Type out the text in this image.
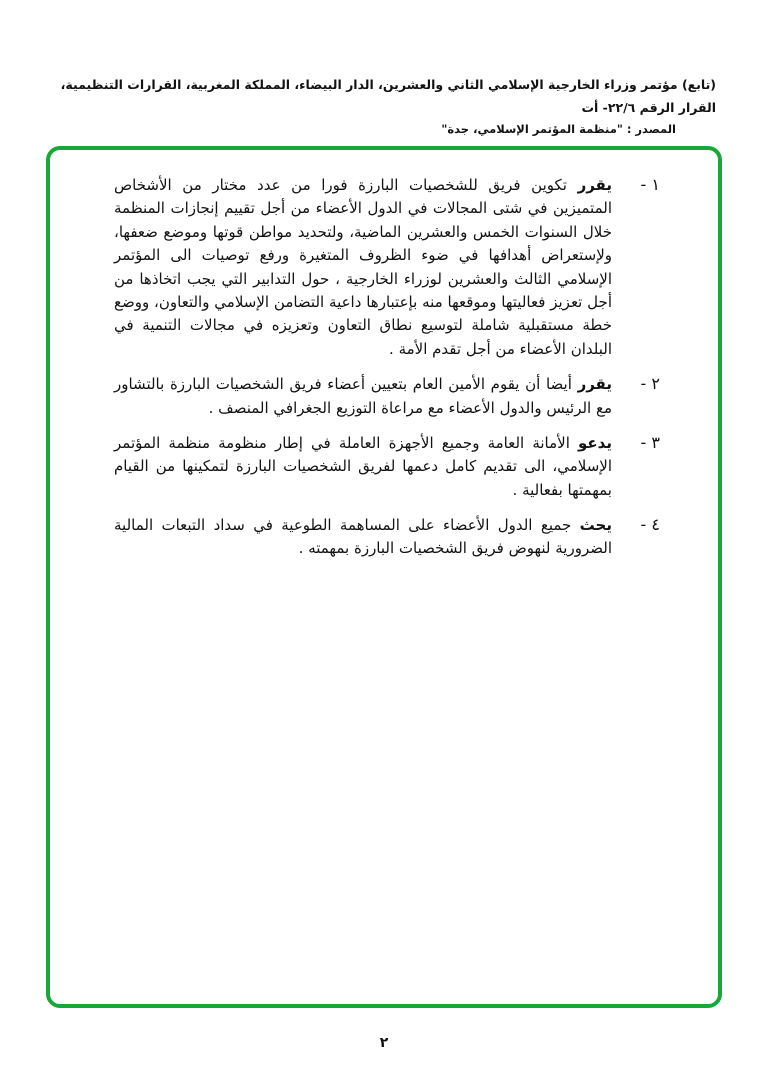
(تابع) مؤتمر وزراء الخارجية الإسلامي الثاني والعشرين، الدار البيضاء، المملكة المغربية، القرارات التنظيمية، القرار الرقم ٢٢/٦- أت
المصدر : "منظمة المؤتمر الإسلامي، جدة"
١ -
يقرر تكوين فريق للشخصيات البارزة فورا من عدد مختار من الأشخاص المتميزين في شتى المجالات في الدول الأعضاء من أجل تقييم إنجازات المنظمة خلال السنوات الخمس والعشرين الماضية، ولتحديد مواطن قوتها وموضع ضعفها، ولإستعراض أهدافها في ضوء الظروف المتغيرة ورفع توصيات الى المؤتمر الإسلامي الثالث والعشرين لوزراء الخارجية ، حول التدابير التي يجب اتخاذها من أجل تعزيز فعاليتها وموقعها منه بإعتبارها داعية التضامن الإسلامي والتعاون، ووضع خطة مستقبلية شاملة لتوسيع نطاق التعاون وتعزيزه في مجالات التنمية في البلدان الأعضاء من أجل تقدم الأمة .
٢ -
يقرر أيضا أن يقوم الأمين العام بتعيين أعضاء فريق الشخصيات البارزة بالتشاور مع الرئيس والدول الأعضاء مع مراعاة التوزيع الجغرافي المنصف .
٣ -
يدعو الأمانة العامة وجميع الأجهزة العاملة في إطار منظومة منظمة المؤتمر الإسلامي، الى تقديم كامل دعمها لفريق الشخصيات البارزة لتمكينها من القيام بمهمتها بفعالية .
٤ -
يحث جميع الدول الأعضاء على المساهمة الطوعية في سداد التبعات المالية الضرورية لنهوض فريق الشخصيات البارزة بمهمته .
٢
